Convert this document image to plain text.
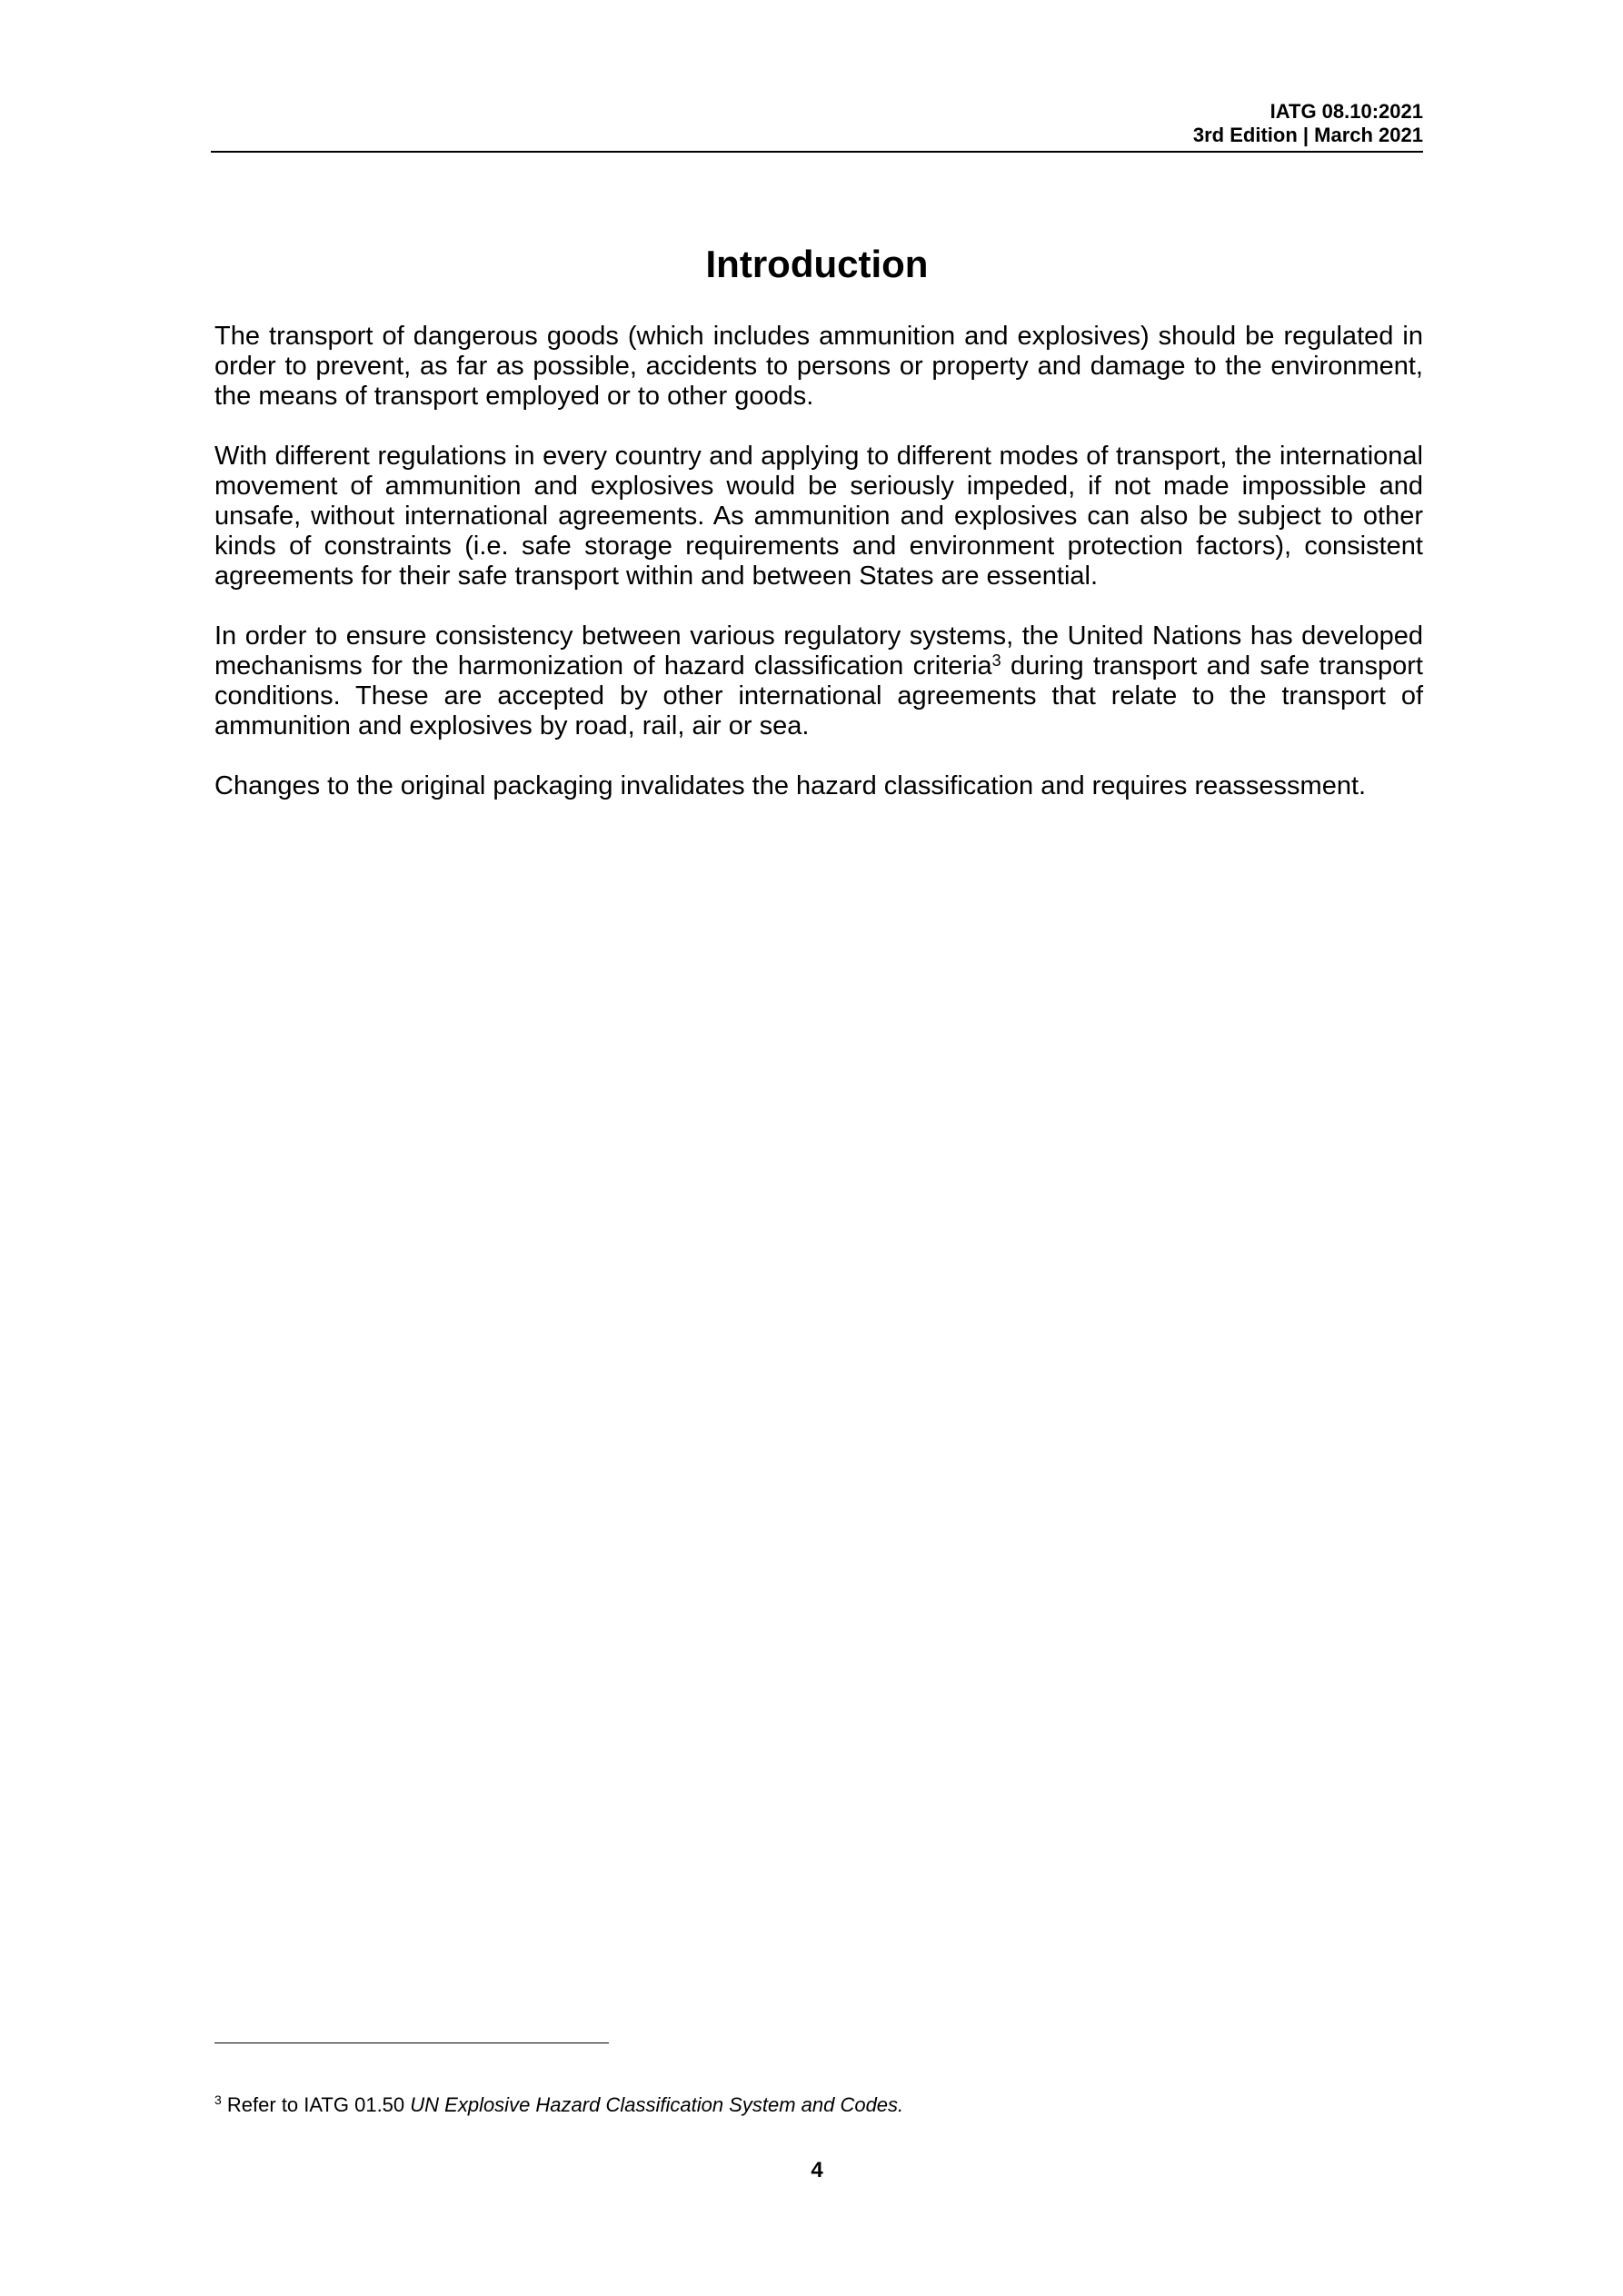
IATG 08.10:2021
3rd Edition | March 2021
Introduction

The transport of dangerous goods (which includes ammunition and explosives) should be regulated in order to prevent, as far as possible, accidents to persons or property and damage to the environment, the means of transport employed or to other goods.

With different regulations in every country and applying to different modes of transport, the international movement of ammunition and explosives would be seriously impeded, if not made impossible and unsafe, without international agreements. As ammunition and explosives can also be subject to other kinds of constraints (i.e. safe storage requirements and environment protection factors), consistent agreements for their safe transport within and between States are essential.

In order to ensure consistency between various regulatory systems, the United Nations has developed mechanisms for the harmonization of hazard classification criteria$^3$ during transport and safe transport conditions. These are accepted by other international agreements that relate to the transport of ammunition and explosives by road, rail, air or sea.

Changes to the original packaging invalidates the hazard classification and requires reassessment.

$^3$ Refer to IATG 01.50 UN Explosive Hazard Classification System and Codes.
4
